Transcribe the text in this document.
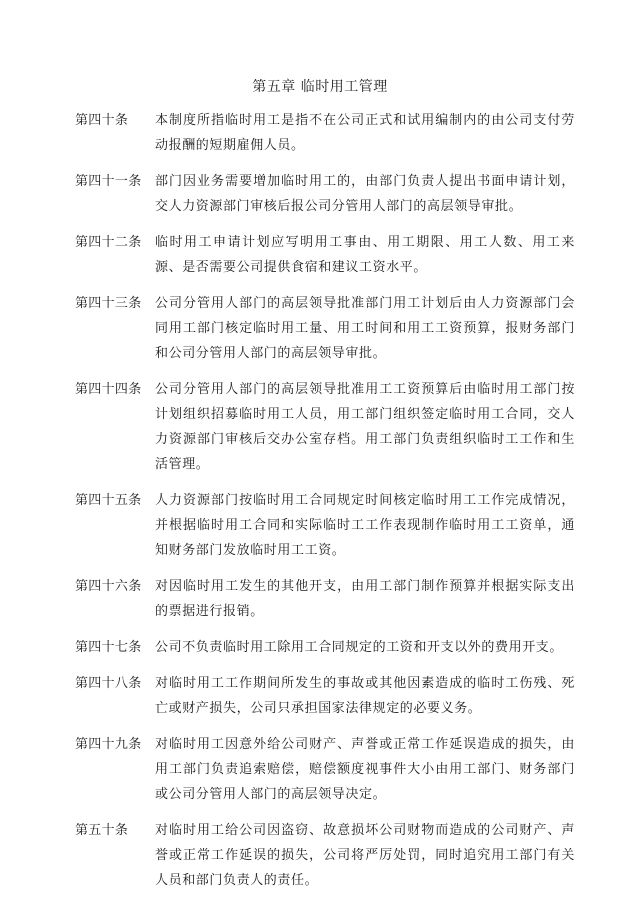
第五章 临时用工管理
第四十条	本制度所指临时用工是指不在公司正式和试用编制内的由公司支付劳动报酬的短期雇佣人员。
第四十一条	部门因业务需要增加临时用工的，由部门负责人提出书面申请计划，交人力资源部门审核后报公司分管用人部门的高层领导审批。
第四十二条	临时用工申请计划应写明用工事由、用工期限、用工人数、用工来源、是否需要公司提供食宿和建议工资水平。
第四十三条	公司分管用人部门的高层领导批准部门用工计划后由人力资源部门会同用工部门核定临时用工量、用工时间和用工工资预算，报财务部门和公司分管用人部门的高层领导审批。
第四十四条	公司分管用人部门的高层领导批准用工工资预算后由临时用工部门按计划组织招募临时用工人员，用工部门组织签定临时用工合同，交人力资源部门审核后交办公室存档。用工部门负责组织临时工工作和生活管理。
第四十五条	人力资源部门按临时用工合同规定时间核定临时用工工作完成情况，并根据临时用工合同和实际临时工工作表现制作临时用工工资单，通知财务部门发放临时用工工资。
第四十六条	对因临时用工发生的其他开支，由用工部门制作预算并根据实际支出的票据进行报销。
第四十七条	公司不负责临时用工除用工合同规定的工资和开支以外的费用开支。
第四十八条	对临时用工工作期间所发生的事故或其他因素造成的临时工伤残、死亡或财产损失，公司只承担国家法律规定的必要义务。
第四十九条	对临时用工因意外给公司财产、声誉或正常工作延误造成的损失，由用工部门负责追索赔偿，赔偿额度视事件大小由用工部门、财务部门或公司分管用人部门的高层领导决定。
第五十条	对临时用工给公司因盗窃、故意损坏公司财物而造成的公司财产、声誉或正常工作延误的损失，公司将严厉处罚，同时追究用工部门有关人员和部门负责人的责任。
